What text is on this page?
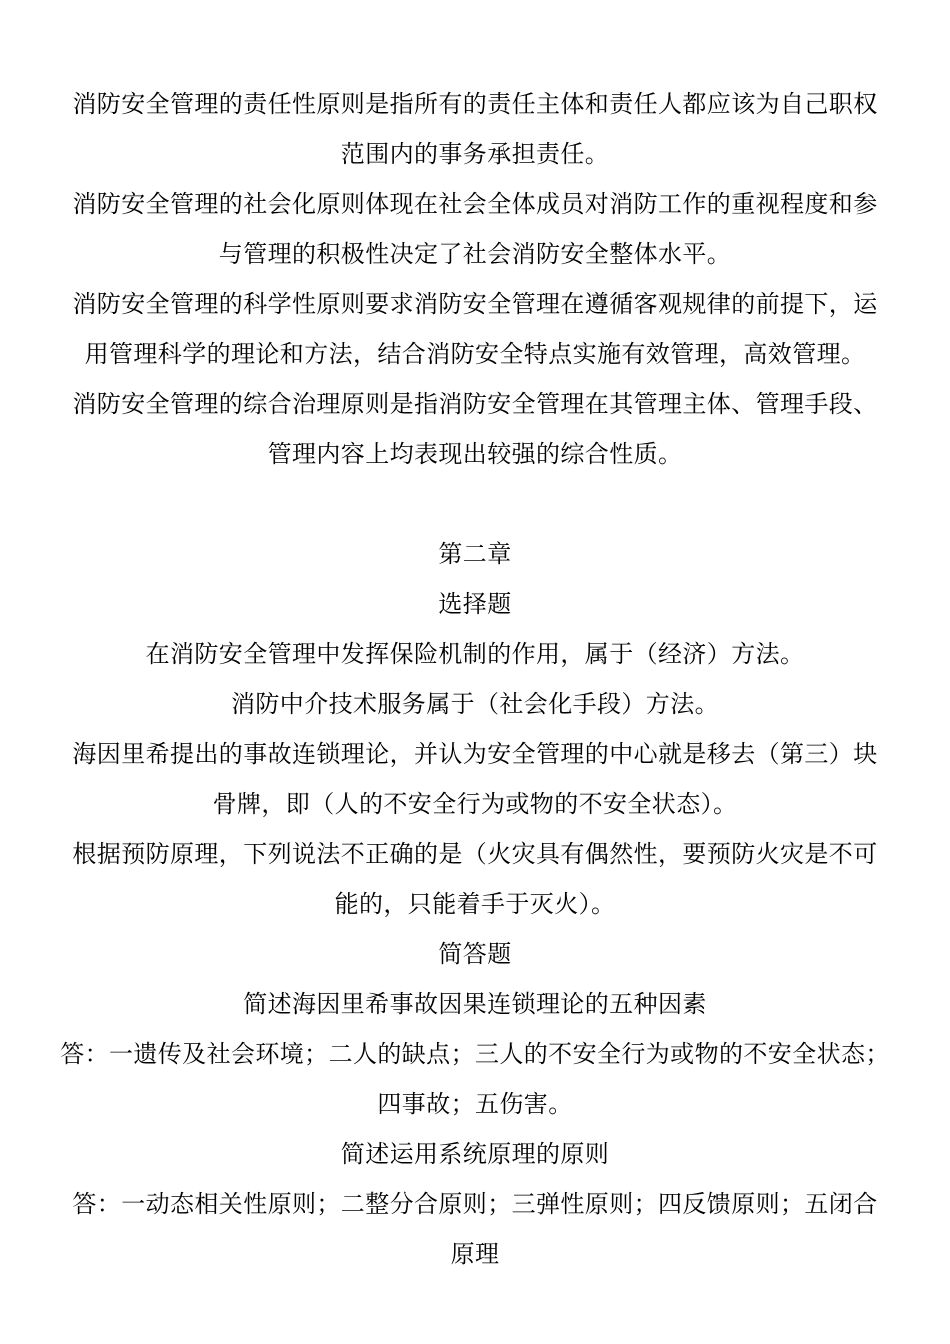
消防安全管理的责任性原则是指所有的责任主体和责任人都应该为自己职权
范围内的事务承担责任。

消防安全管理的社会化原则体现在社会全体成员对消防工作的重视程度和参
与管理的积极性决定了社会消防安全整体水平。

消防安全管理的科学性原则要求消防安全管理在遵循客观规律的前提下，运
用管理科学的理论和方法，结合消防安全特点实施有效管理，高效管理。

消防安全管理的综合治理原则是指消防安全管理在其管理主体、管理手段、
管理内容上均表现出较强的综合性质。

第二章

选择题

在消防安全管理中发挥保险机制的作用，属于（经济）方法。

消防中介技术服务属于（社会化手段）方法。

海因里希提出的事故连锁理论，并认为安全管理的中心就是移去（第三）块
骨牌，即（人的不安全行为或物的不安全状态）。

根据预防原理，下列说法不正确的是（火灾具有偶然性，要预防火灾是不可
能的，只能着手于灭火）。

简答题

简述海因里希事故因果连锁理论的五种因素

答：一遗传及社会环境；二人的缺点；三人的不安全行为或物的不安全状态；
四事故；五伤害。

简述运用系统原理的原则

答：一动态相关性原则；二整分合原则；三弹性原则；四反馈原则；五闭合
原理
